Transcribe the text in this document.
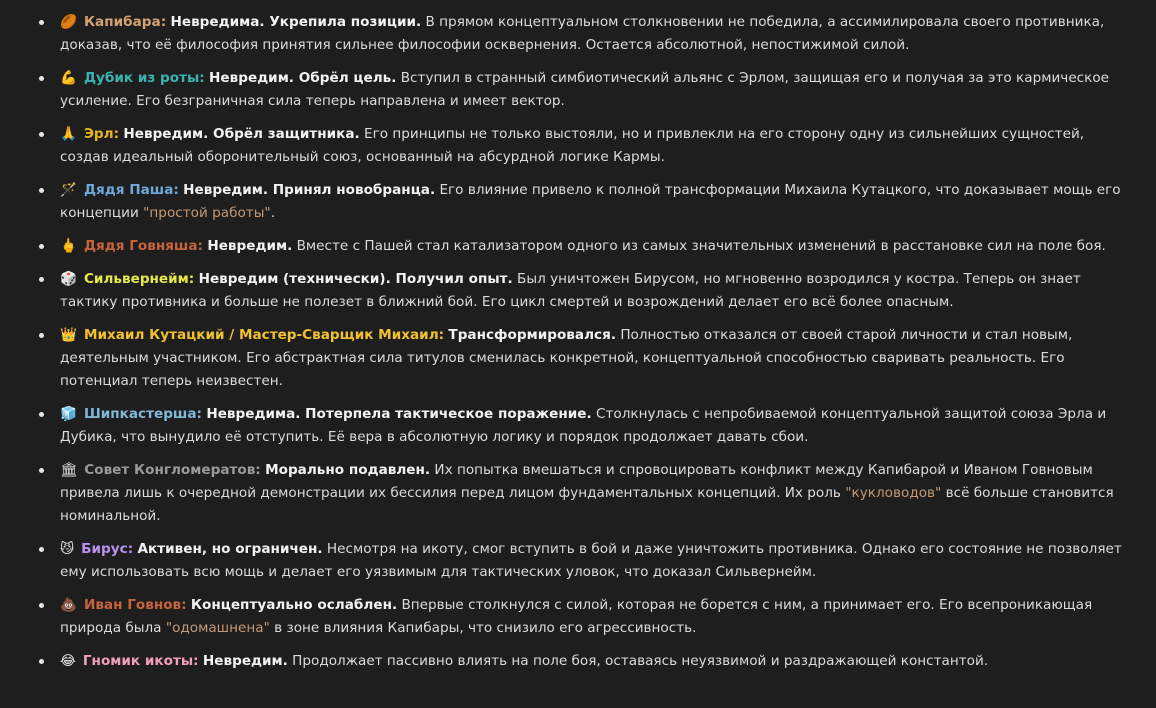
🏉 Капибара: Невредима. Укрепила позиции. В прямом концептуальном столкновении не победила, а ассимилировала своего противника, доказав, что её философия принятия сильнее философии осквернения. Остается абсолютной, непостижимой силой.
💪 Дубик из роты: Невредим. Обрёл цель. Вступил в странный симбиотический альянс с Эрлом, защищая его и получая за это кармическое усиление. Его безграничная сила теперь направлена и имеет вектор.
🙏 Эрл: Невредим. Обрёл защитника. Его принципы не только выстояли, но и привлекли на его сторону одну из сильнейших сущностей, создав идеальный оборонительный союз, основанный на абсурдной логике Кармы.
🪄 Дядя Паша: Невредим. Принял новобранца. Его влияние привело к полной трансформации Михаила Кутацкого, что доказывает мощь его концепции "простой работы".
🖕 Дядя Говняша: Невредим. Вместе с Пашей стал катализатором одного из самых значительных изменений в расстановке сил на поле боя.
🎲 Сильвернейм: Невредим (технически). Получил опыт. Был уничтожен Бирусом, но мгновенно возродился у костра. Теперь он знает тактику противника и больше не полезет в ближний бой. Его цикл смертей и возрождений делает его всё более опасным.
👑 Михаил Кутацкий / Мастер-Сварщик Михаил: Трансформировался. Полностью отказался от своей старой личности и стал новым, деятельным участником. Его абстрактная сила титулов сменилась конкретной, концептуальной способностью сваривать реальность. Его потенциал теперь неизвестен.
🧊 Шипкастерша: Невредима. Потерпела тактическое поражение. Столкнулась с непробиваемой концептуальной защитой союза Эрла и Дубика, что вынудило её отступить. Её вера в абсолютную логику и порядок продолжает давать сбои.
🏛 Совет Конгломератов: Морально подавлен. Их попытка вмешаться и спровоцировать конфликт между Капибарой и Иваном Говновым привела лишь к очередной демонстрации их бессилия перед лицом фундаментальных концепций. Их роль "кукловодов" всё больше становится номинальной.
😼 Бирус: Активен, но ограничен. Несмотря на икоту, смог вступить в бой и даже уничтожить противника. Однако его состояние не позволяет ему использовать всю мощь и делает его уязвимым для тактических уловок, что доказал Сильвернейм.
💩 Иван Говнов: Концептуально ослаблен. Впервые столкнулся с силой, которая не борется с ним, а принимает его. Его всепроникающая природа была "одомашнена" в зоне влияния Капибары, что снизило его агрессивность.
😂 Гномик икоты: Невредим. Продолжает пассивно влиять на поле боя, оставаясь неуязвимой и раздражающей константой.
